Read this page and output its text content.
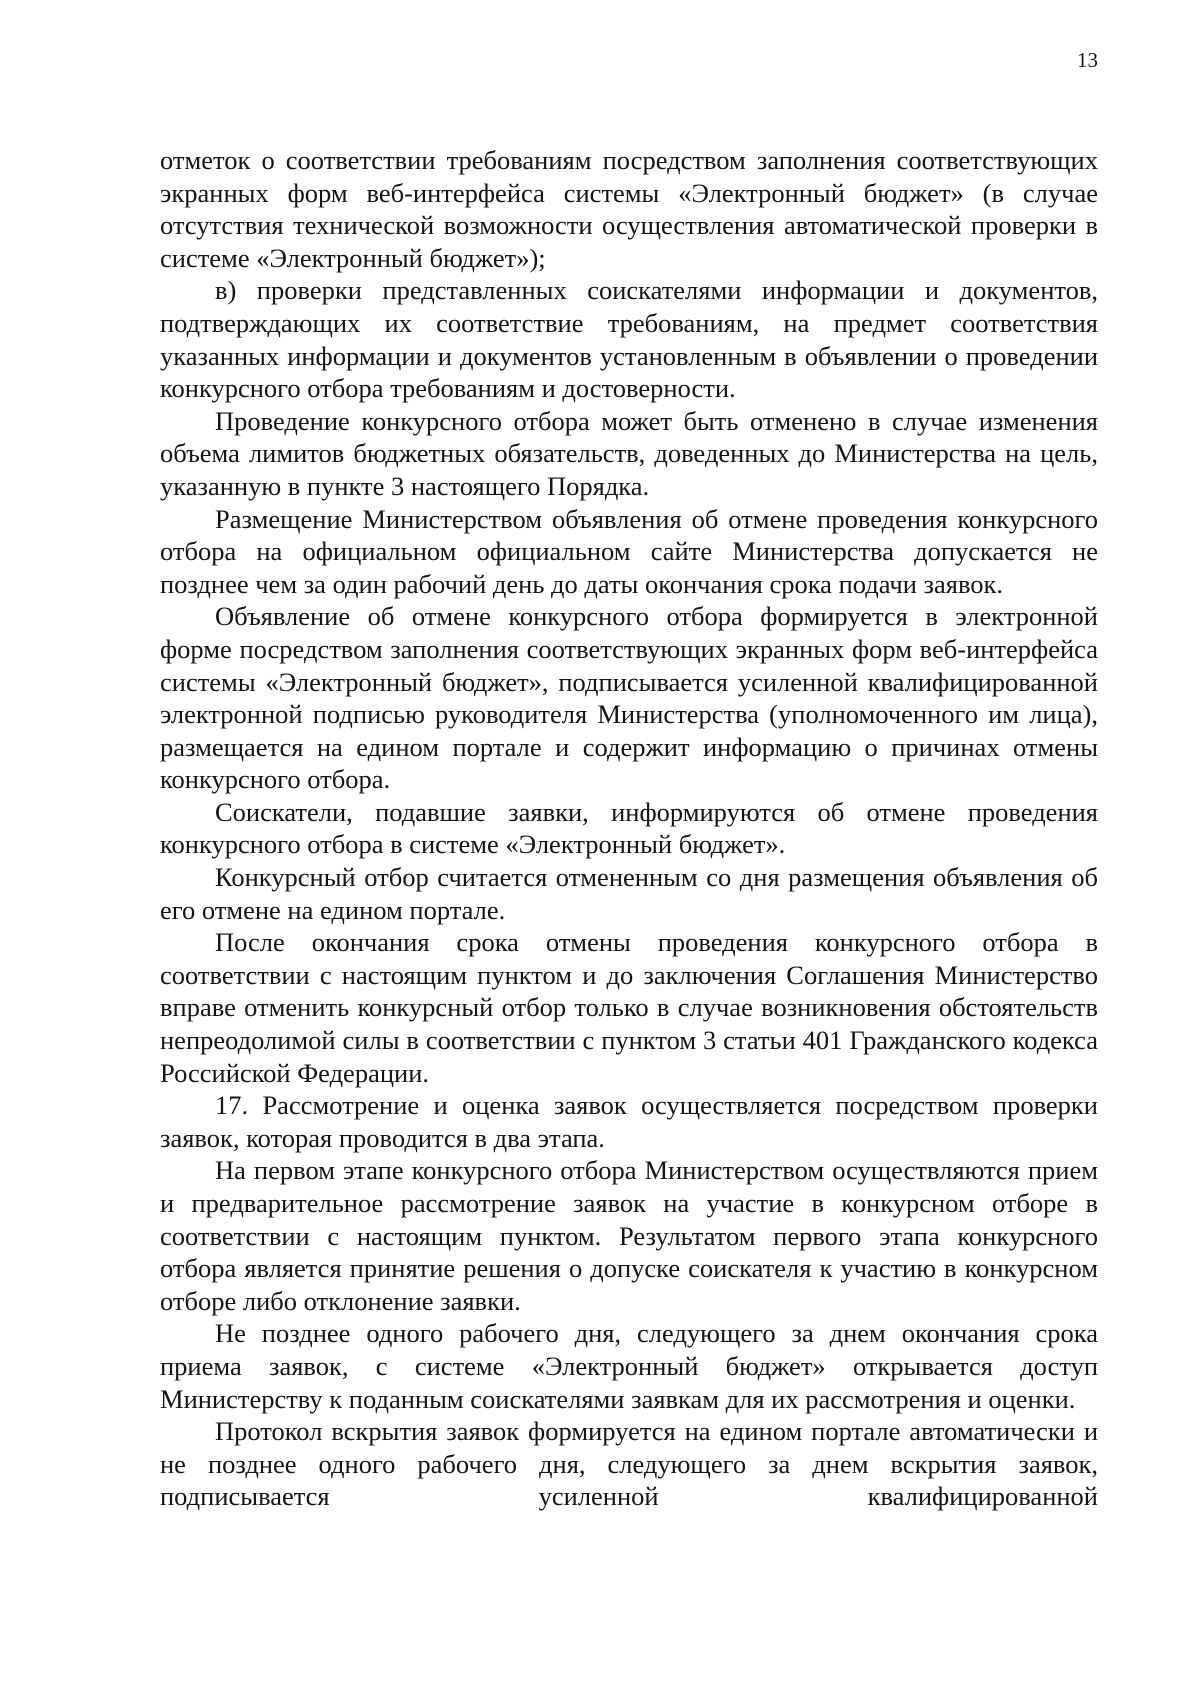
13

отметок о соответствии требованиям посредством заполнения соответствующих экранных форм веб-интерфейса системы «Электронный бюджет» (в случае отсутствия технической возможности осуществления автоматической проверки в системе «Электронный бюджет»);

в) проверки представленных соискателями информации и документов, подтверждающих их соответствие требованиям, на предмет соответствия указанных информации и документов установленным в объявлении о проведении конкурсного отбора требованиям и достоверности.

Проведение конкурсного отбора может быть отменено в случае изменения объема лимитов бюджетных обязательств, доведенных до Министерства на цель, указанную в пункте 3 настоящего Порядка.

Размещение Министерством объявления об отмене проведения конкурсного отбора на официальном официальном сайте Министерства допускается не позднее чем за один рабочий день до даты окончания срока подачи заявок.

Объявление об отмене конкурсного отбора формируется в электронной форме посредством заполнения соответствующих экранных форм веб-интерфейса системы «Электронный бюджет», подписывается усиленной квалифицированной электронной подписью руководителя Министерства (уполномоченного им лица), размещается на едином портале и содержит информацию о причинах отмены конкурсного отбора.

Соискатели, подавшие заявки, информируются об отмене проведения конкурсного отбора в системе «Электронный бюджет».

Конкурсный отбор считается отмененным со дня размещения объявления об его отмене на едином портале.

После окончания срока отмены проведения конкурсного отбора в соответствии с настоящим пунктом и до заключения Соглашения Министерство вправе отменить конкурсный отбор только в случае возникновения обстоятельств непреодолимой силы в соответствии с пунктом 3 статьи 401 Гражданского кодекса Российской Федерации.

17. Рассмотрение и оценка заявок осуществляется посредством проверки заявок, которая проводится в два этапа.

На первом этапе конкурсного отбора Министерством осуществляются прием и предварительное рассмотрение заявок на участие в конкурсном отборе в соответствии с настоящим пунктом. Результатом первого этапа конкурсного отбора является принятие решения о допуске соискателя к участию в конкурсном отборе либо отклонение заявки.

Не позднее одного рабочего дня, следующего за днем окончания срока приема заявок, с системе «Электронный бюджет» открывается доступ Министерству к поданным соискателями заявкам для их рассмотрения и оценки.

Протокол вскрытия заявок формируется на едином портале автоматически и не позднее одного рабочего дня, следующего за днем вскрытия заявок, подписывается усиленной квалифицированной
